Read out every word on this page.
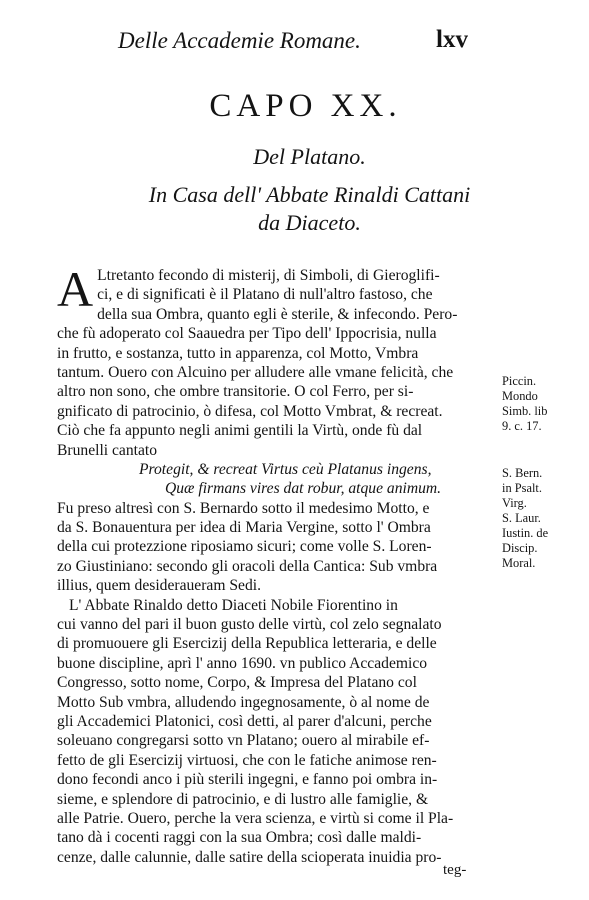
Delle Accademie Romane.	lxv
CAPO XX.
Del Platano.
In Casa dell' Abbate Rinaldi Cattani
da Diaceto.
A Ltretanto fecondo di misterij, di Simboli, di Gieroglifi-
ci, e di significati è il Platano di null'altro fastoso, che
della sua Ombra, quanto egli è sterile, & infecondo. Pero-
che fù adoperato col Saauedra per Tipo dell' Ippocrisia, nulla
in frutto, e sostanza, tutto in apparenza, col Motto, Vmbra
tantum. Ouero con Alcuino per alludere alle vmane felicità, che
altro non sono, che ombre transitorie. O col Ferro, per si-
gnificato di patrocinio, ò difesa, col Motto Vmbrat, & recreat.
Ciò che fa appunto negli animi gentili la Virtù, onde fù dal
Brunelli cantato
Protegit, & recreat Virtus ceù Platanus ingens,
Quæ firmans vires dat robur, atque animum.
Fu preso altresì con S. Bernardo sotto il medesimo Motto, e
da S. Bonauentura per idea di Maria Vergine, sotto l' Ombra
della cui protezzione riposiamo sicuri; come volle S. Loren-
zo Giustiniano: secondo gli oracoli della Cantica: Sub vmbra
illius, quem desideraueram Sedi.
L' Abbate Rinaldo detto Diaceti Nobile Fiorentino in
cui vanno del pari il buon gusto delle virtù, col zelo segnalato
di promuouere gli Esercizij della Republica letteraria, e delle
buone discipline, aprì l' anno 1690. vn publico Accademico
Congresso, sotto nome, Corpo, & Impresa del Platano col
Motto Sub vmbra, alludendo ingegnosamente, ò al nome de
gli Accademici Platonici, così detti, al parer d'alcuni, perche
soleuano congregarsi sotto vn Platano; ouero al mirabile ef-
fetto de gli Esercizij virtuosi, che con le fatiche animose ren-
dono fecondi anco i più sterili ingegni, e fanno poi ombra in-
sieme, e splendore di patrocinio, e di lustro alle famiglie, &
alle Patrie. Ouero, perche la vera scienza, e virtù si come il Pla-
tano dà i cocenti raggi con la sua Ombra; così dalle maldi-
cenze, dalle calunnie, dalle satire della scioperata inuidia pro-
Piccin.
Mondo
Simb. lib
9. c. 17.
S. Bern.
in Psalt.
Virg.
S. Laur.
Iustin. de
Discip.
Moral.
teg-
